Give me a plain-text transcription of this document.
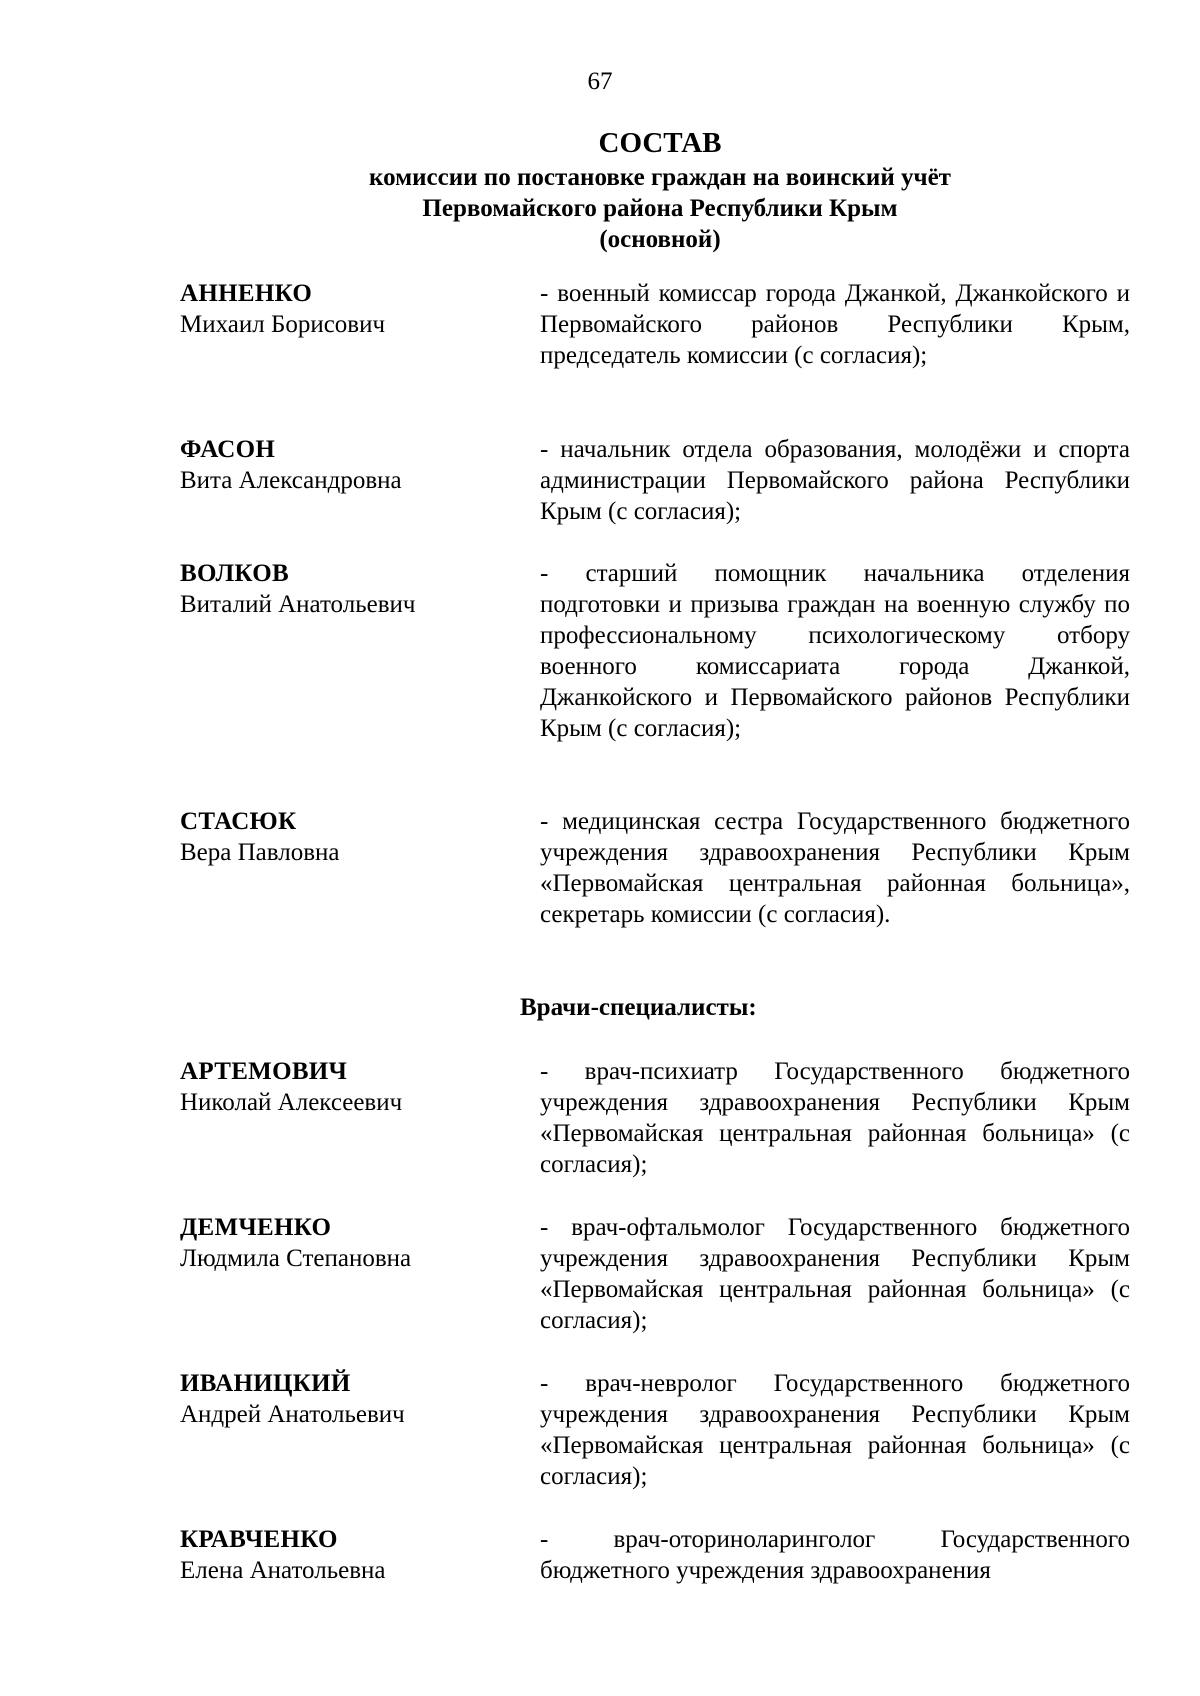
67
СОСТАВ
комиссии по постановке граждан на воинский учёт
Первомайского района Республики Крым
(основной)
АННЕНКО
Михаил Борисович
- военный комиссар города Джанкой, Джанкойского и Первомайского районов Республики Крым, председатель комиссии (с согласия);
ФАСОН
Вита Александровна
- начальник отдела образования, молодёжи и спорта администрации Первомайского района Республики Крым (с согласия);
ВОЛКОВ
Виталий Анатольевич
- старший помощник начальника отделения подготовки и призыва граждан на военную службу по профессиональному психологическому отбору военного комиссариата города Джанкой, Джанкойского и Первомайского районов Республики Крым (с согласия);
СТАСЮК
Вера Павловна
- медицинская сестра Государственного бюджетного учреждения здравоохранения Республики Крым «Первомайская центральная районная больница», секретарь комиссии (с согласия).
Врачи-специалисты:
АРТЕМОВИЧ
Николай Алексеевич
- врач-психиатр Государственного бюджетного учреждения здравоохранения Республики Крым «Первомайская центральная районная больница» (с согласия);
ДЕМЧЕНКО
Людмила Степановна
- врач-офтальмолог Государственного бюджетного учреждения здравоохранения Республики Крым «Первомайская центральная районная больница» (с согласия);
ИВАНИЦКИЙ
Андрей Анатольевич
- врач-невролог Государственного бюджетного учреждения здравоохранения Республики Крым «Первомайская центральная районная больница» (с согласия);
КРАВЧЕНКО
Елена Анатольевна
- врач-оториноларинголог Государственного бюджетного учреждения здравоохранения
